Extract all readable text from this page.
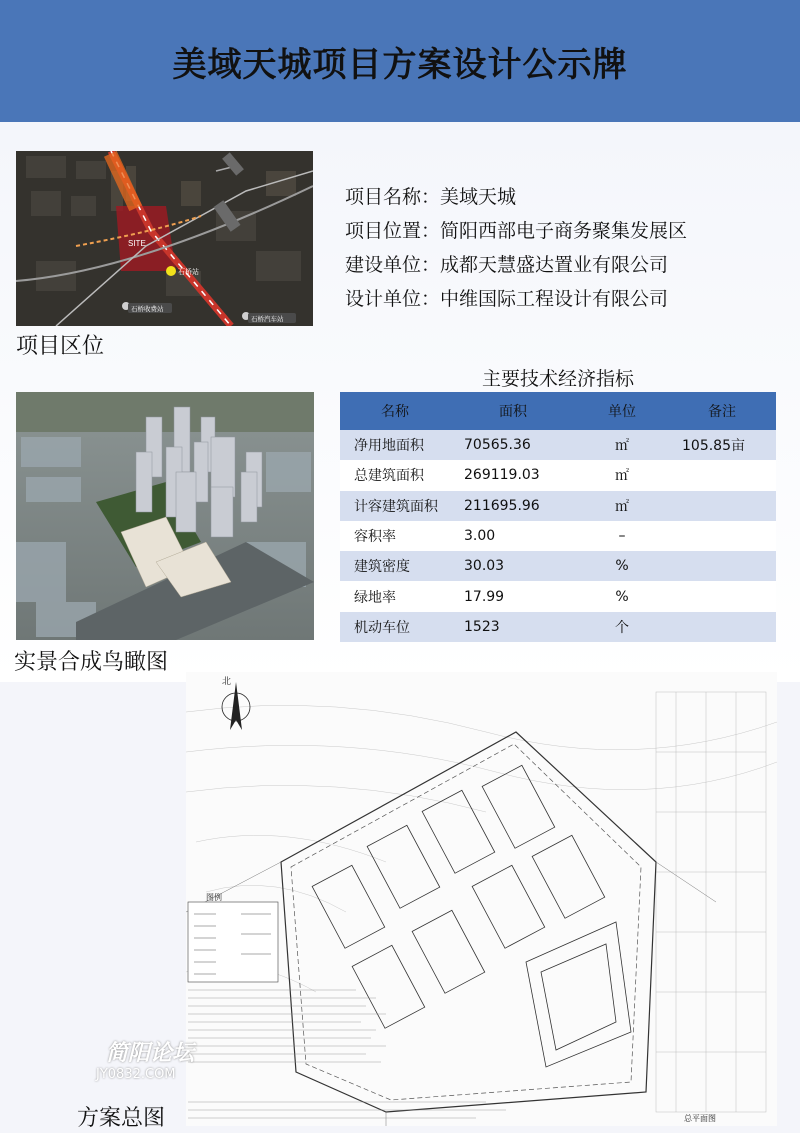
美域天城项目方案设计公示牌
SITE
石桥站
石桥收费站
石桥汽车站
项目区位
项目名称：美域天城
项目位置：简阳西部电子商务聚集发展区
建设单位：成都天慧盛达置业有限公司
设计单位：中维国际工程设计有限公司
主要技术经济指标
名称	面积	单位	备注
净用地面积	70565.36	㎡	105.85亩
总建筑面积	269119.03	㎡	
计容建筑面积	211695.96	㎡	
容积率	3.00	–	
建筑密度	30.03	%	
绿地率	17.99	%	
机动车位	1523	个	
实景合成鸟瞰图
北
图例
总平面图
方案总图
简阳论坛
JY0832.COM
